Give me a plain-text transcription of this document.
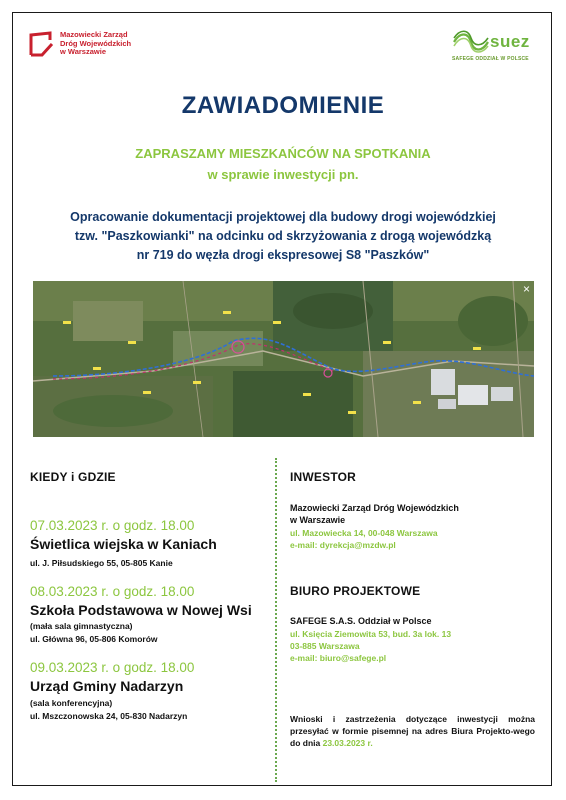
Mazowiecki Zarząd
Dróg Wojewódzkich
w Warszawie
suez
SAFEGE ODDZIAŁ W POLSCE
ZAWIADOMIENIE
ZAPRASZAMY MIESZKAŃCÓW NA SPOTKANIA
w sprawie inwestycji pn.
Opracowanie dokumentacji projektowej dla budowy drogi wojewódzkiej
tzw. "Paszkowianki" na odcinku od skrzyżowania z drogą wojewódzką
nr 719 do węzła drogi ekspresowej S8 "Paszków"
×
KIEDY i GDZIE
07.03.2023 r. o godz. 18.00
Świetlica wiejska w Kaniach
ul. J. Piłsudskiego 55, 05-805 Kanie
08.03.2023 r. o godz. 18.00
Szkoła Podstawowa w Nowej Wsi
(mała sala gimnastyczna)
ul. Główna 96, 05-806 Komorów
09.03.2023 r. o godz. 18.00
Urząd Gminy Nadarzyn
(sala konferencyjna)
ul. Mszczonowska 24, 05-830 Nadarzyn
INWESTOR
Mazowiecki Zarząd Dróg Wojewódzkich
w Warszawie
ul. Mazowiecka 14, 00-048 Warszawa
e-mail: dyrekcja@mzdw.pl
BIURO PROJEKTOWE
SAFEGE S.A.S. Oddział w Polsce
ul. Księcia Ziemowita 53, bud. 3a lok. 13
03-885 Warszawa
e-mail: biuro@safege.pl
Wnioski i zastrzeżenia dotyczące inwestycji można przesyłać w formie pisemnej na adres Biura Projekto-wego do dnia 23.03.2023 r.
